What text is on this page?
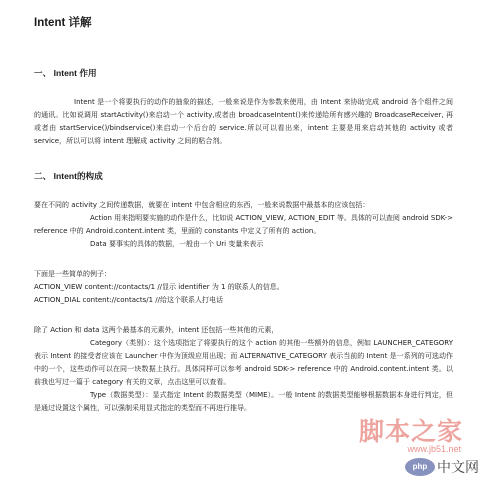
Intent 详解
一、 Intent 作用

Intent 是一个将要执行的动作的抽象的描述，一般来说是作为参数来使用，由 Intent 来协助完成 android 各个组件之间的通讯。比如说调用 startActivity()来启动一个 activity,或者由 broadcaseIntent()来传递给所有感兴趣的 BroadcaseReceiver, 再或者由 startService()/bindservice()来启动一个后台的 service.所以可以看出来，intent 主要是用来启动其他的 activity 或者 service，所以可以将 intent 理解成 activity 之间的粘合剂。

二、 Intent的构成

要在不同的 activity 之间传递数据，就要在 intent 中包含相应的东西，一般来说数据中最基本的应该包括：

Action 用来指明要实施的动作是什么，比如说 ACTION_VIEW, ACTION_EDIT 等。具体的可以查阅 android SDK-> reference 中的 Android.content.intent 类，里面的 constants 中定义了所有的 action。

Data 要事实的具体的数据，一般由一个 Uri 变量来表示

下面是一些简单的例子：

ACTION_VIEW content://contacts/1 //显示 identifier 为 1 的联系人的信息。

ACTION_DIAL content://contacts/1 //给这个联系人打电话

除了 Action 和 data 这两个最基本的元素外，intent 还包括一些其他的元素，

Category（类别）：这个选项指定了将要执行的这个 action 的其他一些额外的信息，例如 LAUNCHER_CATEGORY 表示 Intent 的接受者应该在 Launcher 中作为顶级应用出现；而 ALTERNATIVE_CATEGORY 表示当前的 Intent 是一系列的可选动作中的一个，这些动作可以在同一块数据上执行。具体同样可以参考 android SDK-> reference 中的 Android.content.intent 类。以前我也写过一篇于 category 有关的文章，点击这里可以查看。

Type（数据类型）：显式指定 Intent 的数据类型（MIME）。一般 Intent 的数据类型能够根据数据本身进行判定，但是通过设置这个属性，可以强制采用显式指定的类型而不再进行推导。

脚本之家
www.jb51.net
php 中文网
